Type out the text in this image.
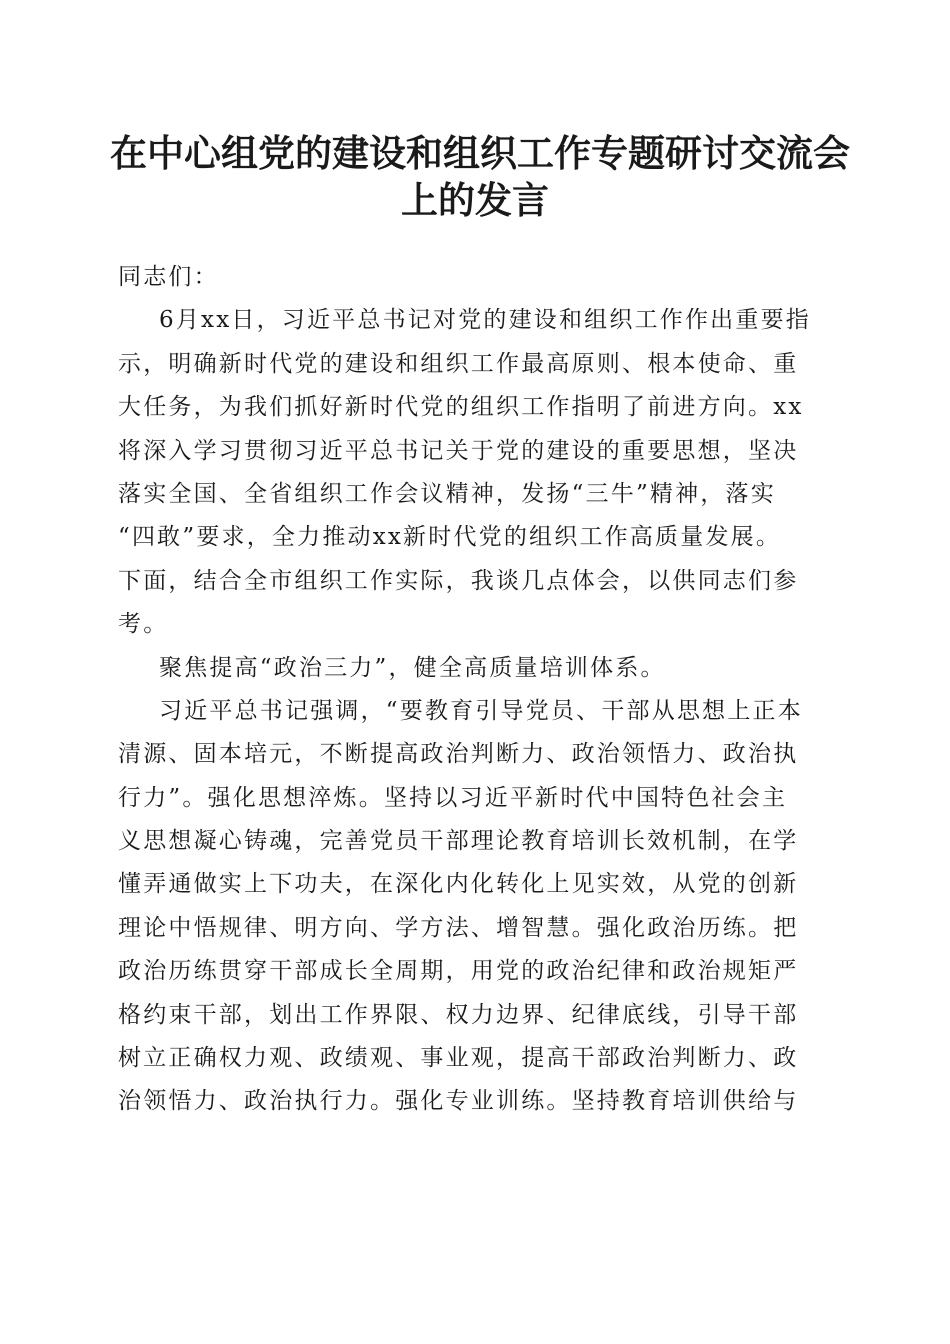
在中心组党的建设和组织工作专题研讨交流会
上的发言
同志们：
6月xx日，习近平总书记对党的建设和组织工作作出重要指
示，明确新时代党的建设和组织工作最高原则、根本使命、重
大任务，为我们抓好新时代党的组织工作指明了前进方向。xx
将深入学习贯彻习近平总书记关于党的建设的重要思想，坚决
落实全国、全省组织工作会议精神，发扬“三牛”精神，落实
“四敢”要求，全力推动xx新时代党的组织工作高质量发展。
下面，结合全市组织工作实际，我谈几点体会，以供同志们参
考。
聚焦提高“政治三力”，健全高质量培训体系。
习近平总书记强调，“要教育引导党员、干部从思想上正本
清源、固本培元，不断提高政治判断力、政治领悟力、政治执
行力”。强化思想淬炼。坚持以习近平新时代中国特色社会主
义思想凝心铸魂，完善党员干部理论教育培训长效机制，在学
懂弄通做实上下功夫，在深化内化转化上见实效，从党的创新
理论中悟规律、明方向、学方法、增智慧。强化政治历练。把
政治历练贯穿干部成长全周期，用党的政治纪律和政治规矩严
格约束干部，划出工作界限、权力边界、纪律底线，引导干部
树立正确权力观、政绩观、事业观，提高干部政治判断力、政
治领悟力、政治执行力。强化专业训练。坚持教育培训供给与
